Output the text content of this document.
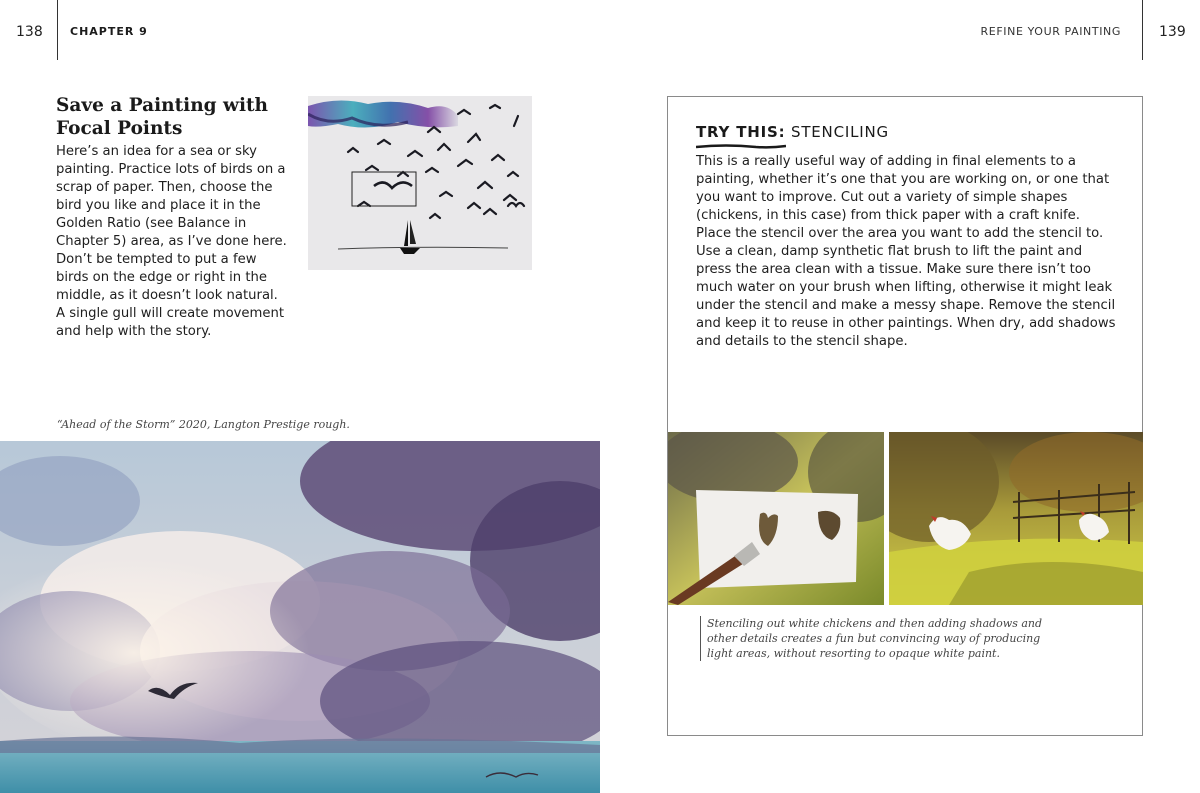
138 CHAPTER 9	REFINE YOUR PAINTING	139
Save a Painting with Focal Points
Here’s an idea for a sea or sky painting. Practice lots of birds on a scrap of paper. Then, choose the bird you like and place it in the Golden Ratio (see Balance in Chapter 5) area, as I’ve done here. Don’t be tempted to put a few birds on the edge or right in the middle, as it doesn’t look natural. A single gull will create movement and help with the story.
“Ahead of the Storm” 2020, Langton Prestige rough.
TRY THIS: STENCILING
This is a really useful way of adding in final elements to a painting, whether it’s one that you are working on, or one that you want to improve. Cut out a variety of simple shapes (chickens, in this case) from thick paper with a craft knife. Place the stencil over the area you want to add the stencil to. Use a clean, damp synthetic flat brush to lift the paint and press the area clean with a tissue. Make sure there isn’t too much water on your brush when lifting, otherwise it might leak under the stencil and make a messy shape. Remove the stencil and keep it to reuse in other paintings. When dry, add shadows and details to the stencil shape.
Stenciling out white chickens and then adding shadows and other details creates a fun but convincing way of producing light areas, without resorting to opaque white paint.
